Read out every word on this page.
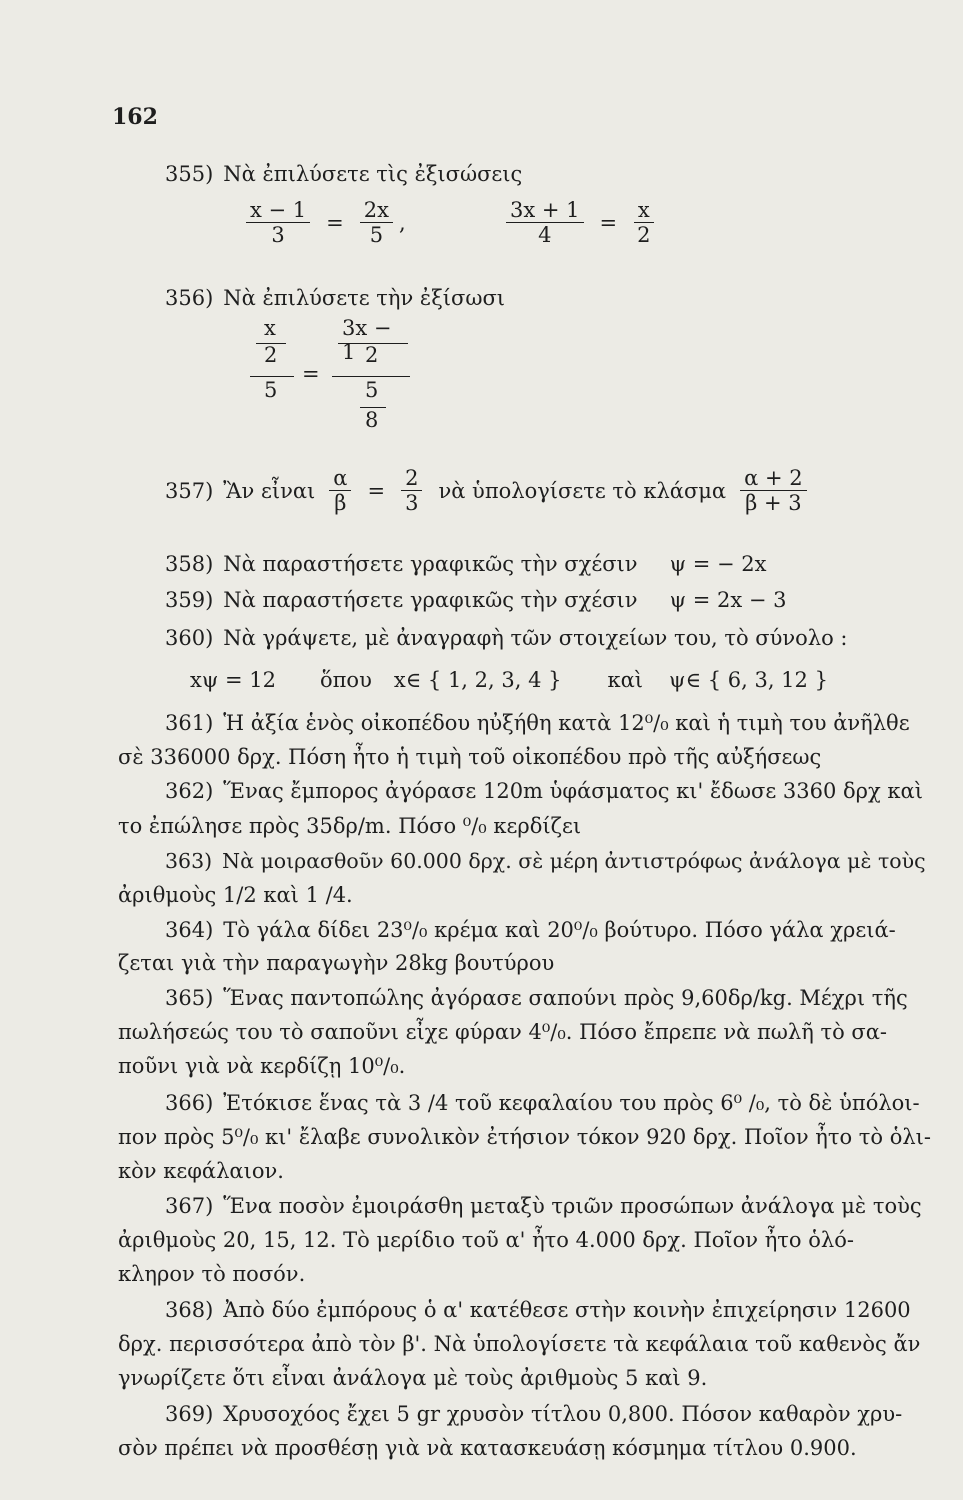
162
355) Νὰ ἐπιλύσετε τὶς ἐξισώσεις
$\frac{x - 1}{3} = \frac{2x}{5}$ ,	$\frac{3x + 1}{4} = \frac{x}{2}$
356) Νὰ ἐπιλύσετε τὴν ἐξίσωσι
x
2
3x − 1 2
=
5	5
8
357) Ἂν εἶναι $\frac{\alpha}{\beta} = \frac{2}{3}$ νὰ ὑπολογίσετε τὸ κλάσμα $\frac{\alpha + 2}{\beta + 3}$
358) Νὰ παραστήσετε γραφικῶς τὴν σχέσιν ψ = − 2x
359) Νὰ παραστήσετε γραφικῶς τὴν σχέσιν ψ = 2x − 3
360) Νὰ γράψετε, μὲ ἀναγραφὴ τῶν στοιχείων του, τὸ σύνολο :
xψ = 12 ὅπου x∈ { 1, 2, 3, 4 } καὶ ψ∈ { 6, 3, 12 }
361) Ἡ ἀξία ἑνὸς οἰκοπέδου ηὐξήθη κατὰ 12⁰/₀ καὶ ἡ τιμὴ του ἀνῆλθε
σὲ 336000 δρχ. Πόση ἦτο ἡ τιμὴ τοῦ οἰκοπέδου πρὸ τῆς αὐξήσεως
362) Ἕνας ἔμπορος ἀγόρασε 120m ὑφάσματος κι' ἔδωσε 3360 δρχ καὶ
το ἐπώλησε πρὸς 35δρ/m. Πόσο ⁰/₀ κερδίζει
363) Νὰ μοιρασθοῦν 60.000 δρχ. σὲ μέρη ἀντιστρόφως ἀνάλογα μὲ τοὺς
ἀριθμοὺς 1/2 καὶ 1 /4.
364) Τὸ γάλα δίδει 23⁰/₀ κρέμα καὶ 20⁰/₀ βούτυρο. Πόσο γάλα χρειά-
ζεται γιὰ τὴν παραγωγὴν 28kg βουτύρου
365) Ἕνας παντοπώλης ἀγόρασε σαπούνι πρὸς 9,60δρ/kg. Μέχρι τῆς
πωλήσεώς του τὸ σαποῦνι εἶχε φύραν 4⁰/₀. Πόσο ἔπρεπε νὰ πωλῆ τὸ σα-
ποῦνι γιὰ νὰ κερδίζῃ 10⁰/₀.
366) Ἐτόκισε ἕνας τὰ 3 /4 τοῦ κεφαλαίου του πρὸς 6⁰ /₀, τὸ δὲ ὑπόλοι-
πον πρὸς 5⁰/₀ κι' ἔλαβε συνολικὸν ἐτήσιον τόκον 920 δρχ. Ποῖον ἦτο τὸ ὁλι-
κὸν κεφάλαιον.
367) Ἕνα ποσὸν ἐμοιράσθη μεταξὺ τριῶν προσώπων ἀνάλογα μὲ τοὺς
ἀριθμοὺς 20, 15, 12. Τὸ μερίδιο τοῦ α' ἦτο 4.000 δρχ. Ποῖον ἦτο ὁλό-
κληρον τὸ ποσόν.
368) Ἀπὸ δύο ἐμπόρους ὁ α' κατέθεσε στὴν κοινὴν ἐπιχείρησιν 12600
δρχ. περισσότερα ἀπὸ τὸν β'. Νὰ ὑπολογίσετε τὰ κεφάλαια τοῦ καθενὸς ἄν
γνωρίζετε ὅτι εἶναι ἀνάλογα μὲ τοὺς ἀριθμοὺς 5 καὶ 9.
369) Χρυσοχόος ἔχει 5 gr χρυσὸν τίτλου 0,800. Πόσον καθαρὸν χρυ-
σὸν πρέπει νὰ προσθέσῃ γιὰ νὰ κατασκευάσῃ κόσμημα τίτλου 0.900.
